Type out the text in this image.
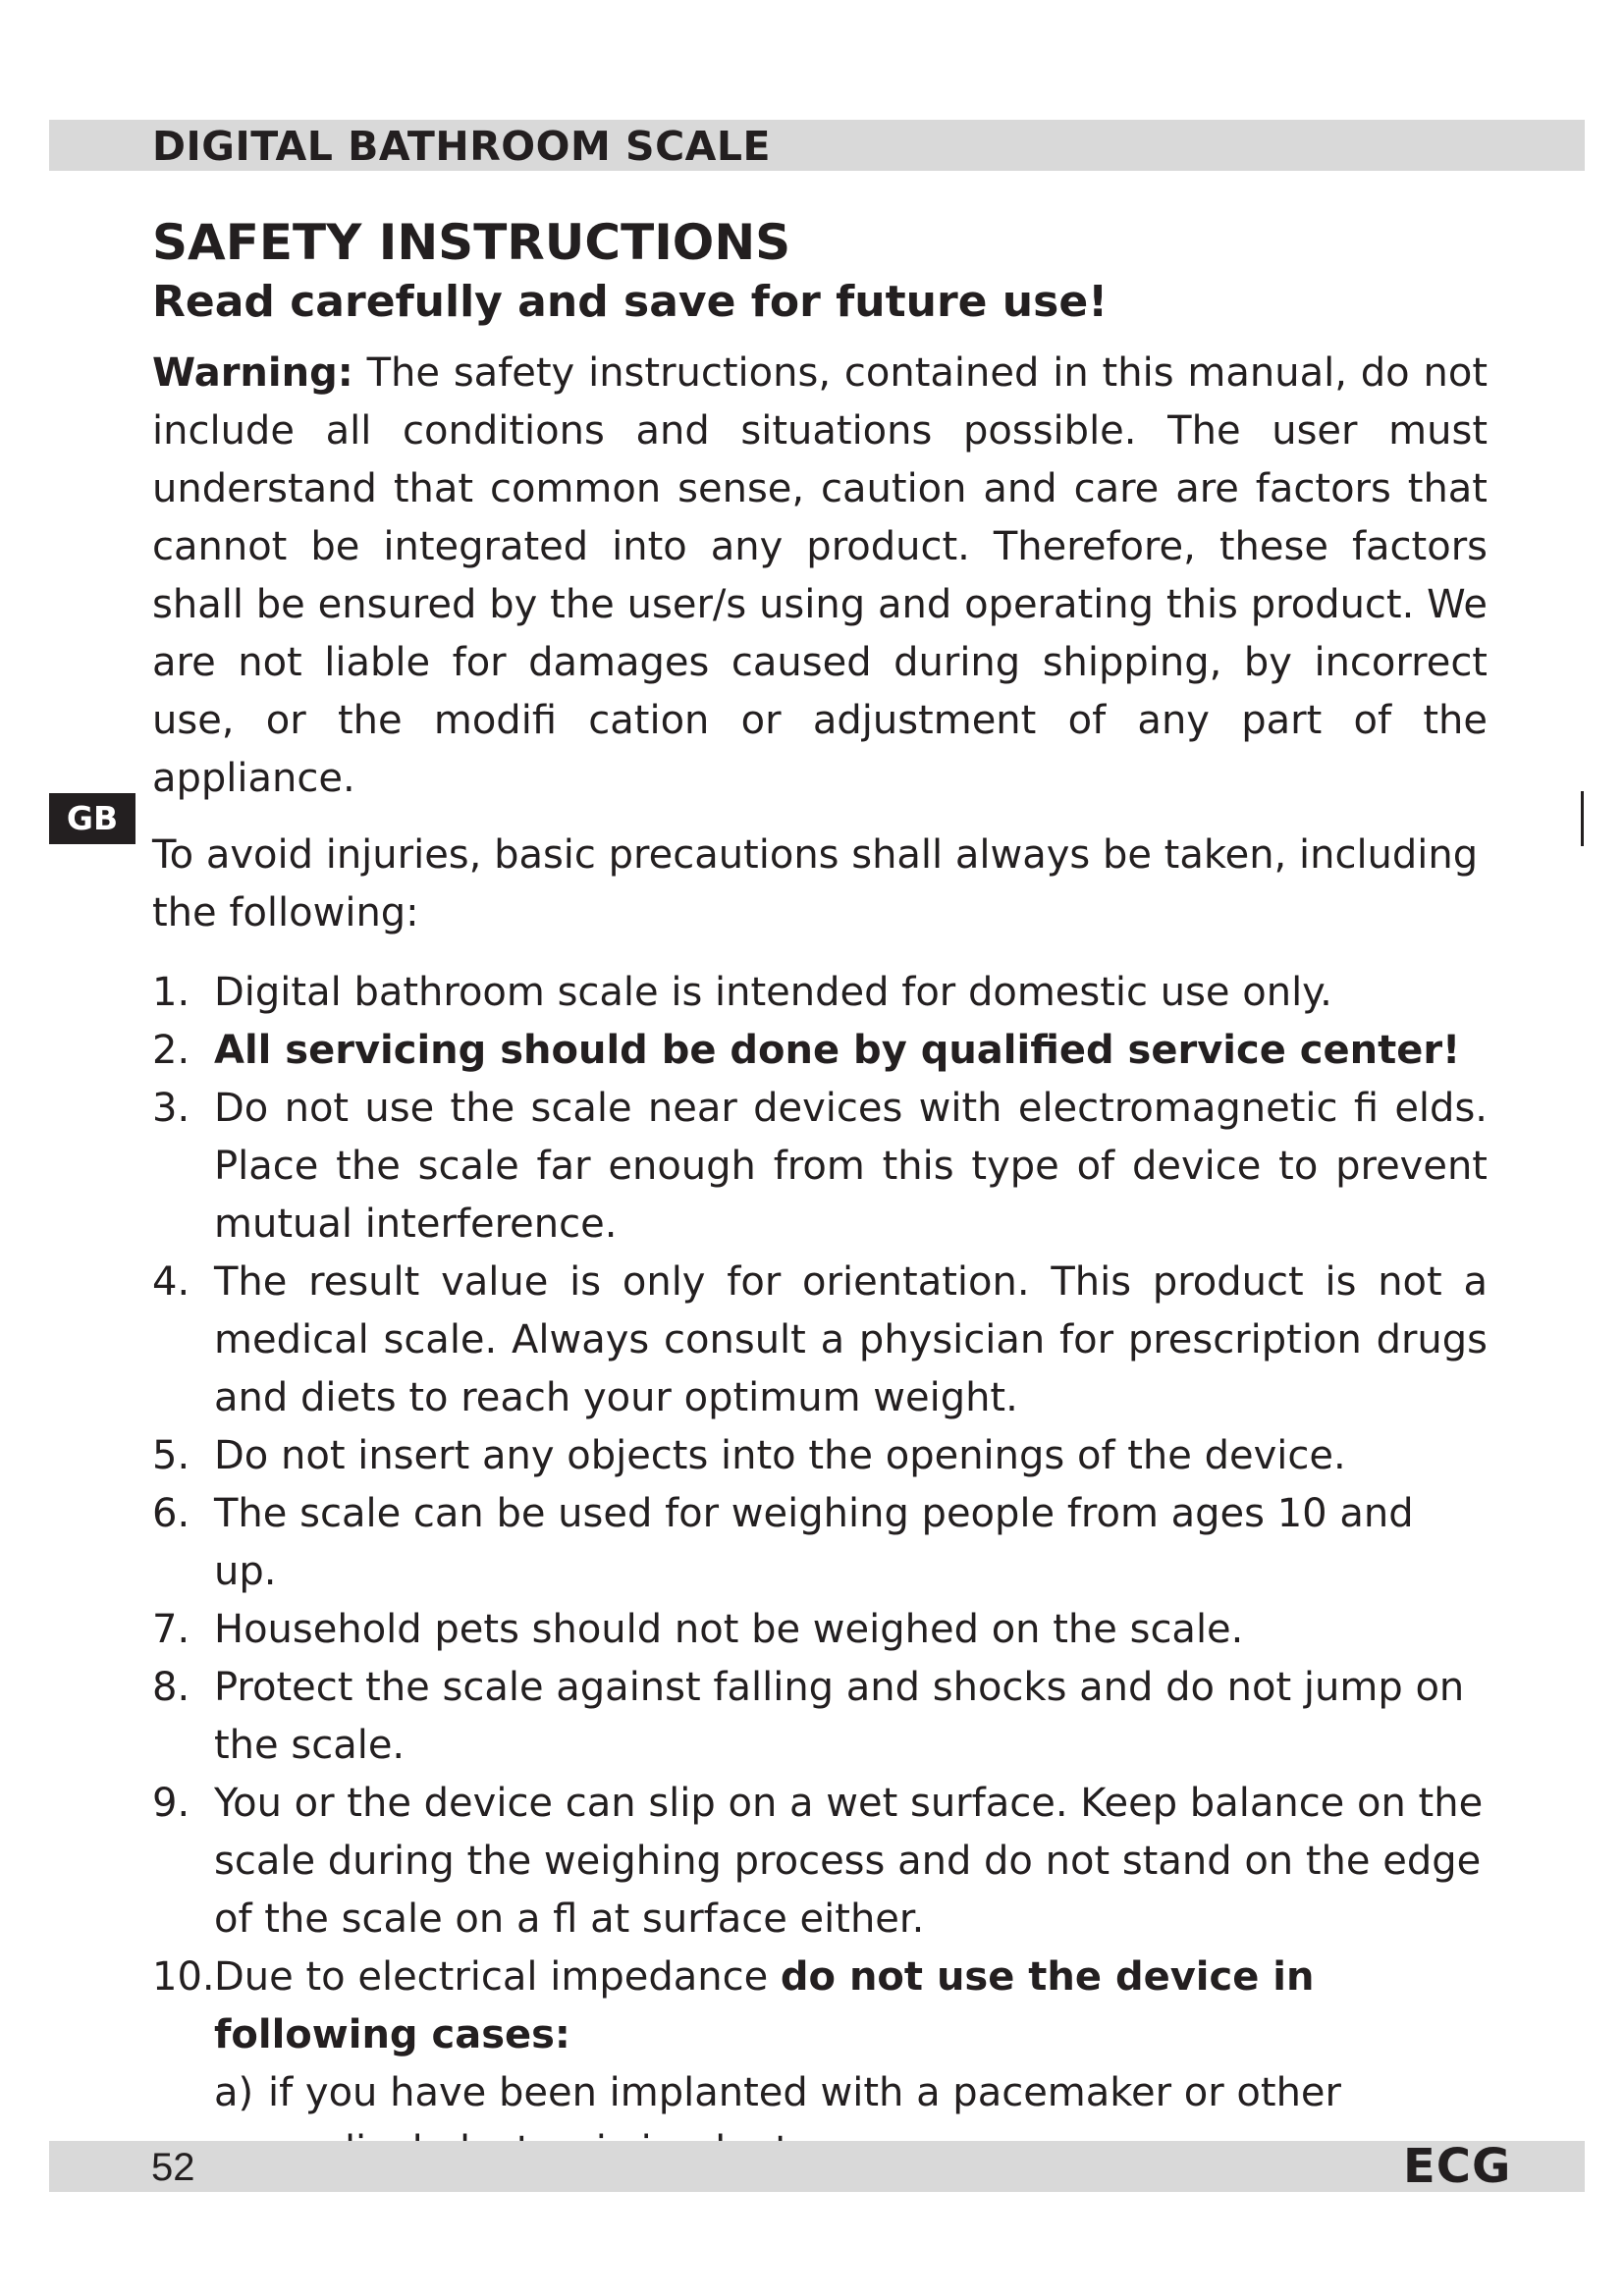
DIGITAL BATHROOM SCALE
GB
SAFETY INSTRUCTIONS
Read carefully and save for future use!

Warning: The safety instructions, contained in this manual, do not include all conditions and situations possible. The user must understand that common sense, caution and care are factors that cannot be integrated into any product. Therefore, these factors shall be ensured by the user/s using and operating this product. We are not liable for damages caused during shipping, by incorrect use, or the modifi cation or adjustment of any part of the appliance.

To avoid injuries, basic precautions shall always be taken, including the following:

1. Digital bathroom scale is intended for domestic use only.
2. All servicing should be done by qualified service center!
3. Do not use the scale near devices with electromagnetic fi elds. Place the scale far enough from this type of device to prevent mutual interference.
4. The result value is only for orientation. This product is not a medical scale. Always consult a physician for prescription drugs and diets to reach your optimum weight.
5. Do not insert any objects into the openings of the device.
6. The scale can be used for weighing people from ages 10 and up.
7. Household pets should not be weighed on the scale.
8. Protect the scale against falling and shocks and do not jump on the scale.
9. You or the device can slip on a wet surface. Keep balance on the scale during the weighing process and do not stand on the edge of the scale on a fl at surface either.
10. Due to electrical impedance do not use the device in following cases:
a) if you have been implanted with a pacemaker or other
52	ECG
